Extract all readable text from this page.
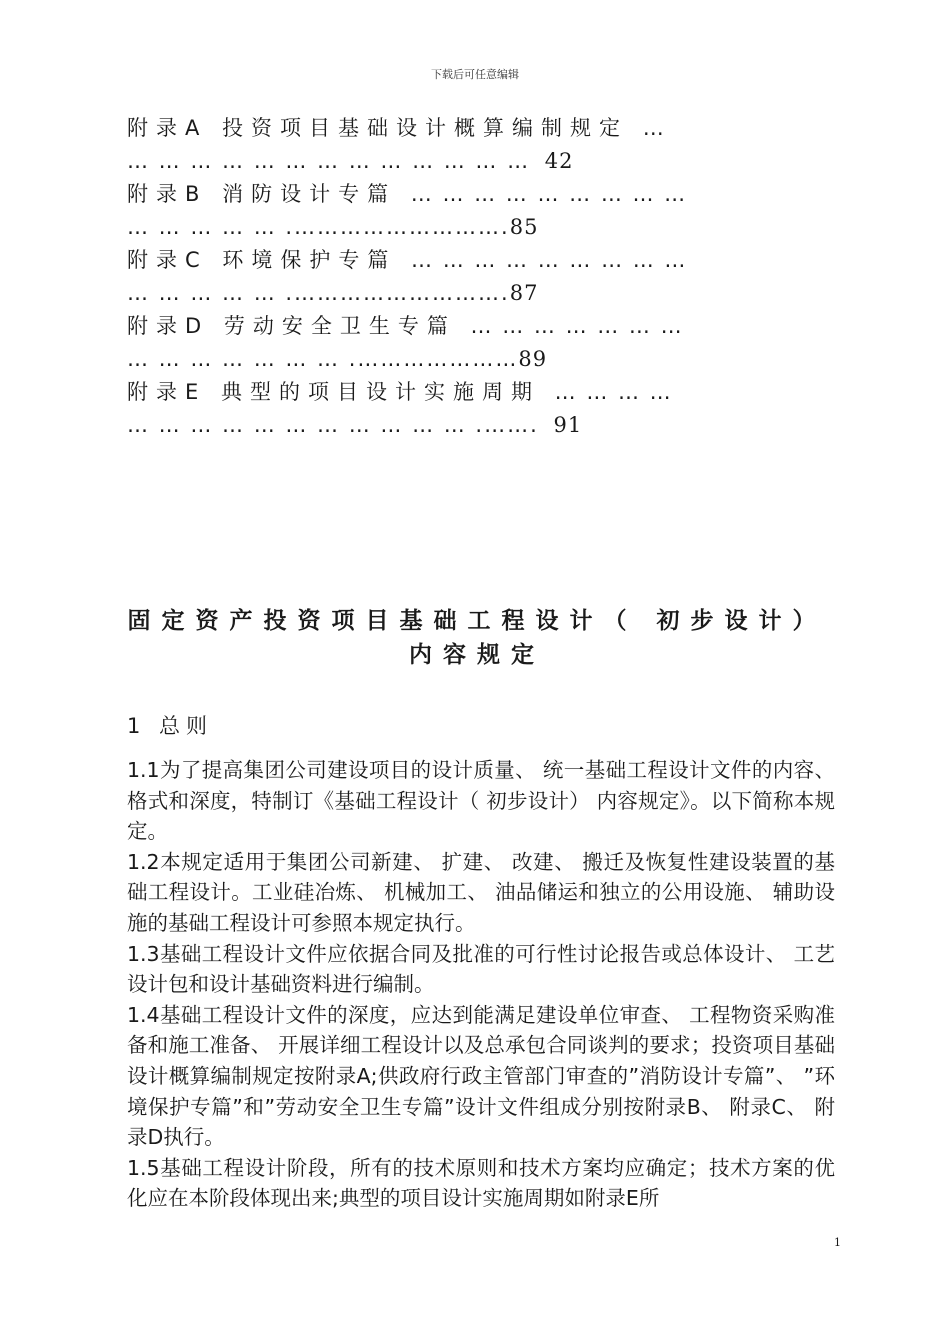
下载后可任意编辑
附录A 投资项目基础设计概算编制规定 …
… … … … … … … … … … … … … 42
附录B 消防设计专篇 … … … … … … … … …
… … … … … .……………………….85
附录C 环境保护专篇 … … … … … … … … …
… … … … … .……………………….87
附录D 劳动安全卫生专篇 … … … … … … …
… … … … … … … .…………………89
附录E 典型的项目设计实施周期 … … … …
… … … … … … … … … … … .……. 91
固定资产投资项目基础工程设计（ 初步设计） 内容规定
1 总则

1.1为了提高集团公司建设项目的设计质量、 统一基础工程设计文件的内容、 格式和深度，特制订《基础工程设计（ 初步设计） 内容规定》。以下简称本规定。

1.2本规定适用于集团公司新建、 扩建、 改建、 搬迁及恢复性建设装置的基础工程设计。工业硅冶炼、 机械加工、 油品储运和独立的公用设施、 辅助设施的基础工程设计可参照本规定执行。

1.3基础工程设计文件应依据合同及批准的可行性讨论报告或总体设计、 工艺设计包和设计基础资料进行编制。

1.4基础工程设计文件的深度，应达到能满足建设单位审查、 工程物资采购准备和施工准备、 开展详细工程设计以及总承包合同谈判的要求；投资项目基础设计概算编制规定按附录A;供政府行政主管部门审查的”消防设计专篇”、 ”环境保护专篇”和”劳动安全卫生专篇”设计文件组成分别按附录B、 附录C、 附录D执行。

1.5基础工程设计阶段，所有的技术原则和技术方案均应确定；技术方案的优化应在本阶段体现出来;典型的项目设计实施周期如附录E所

1
